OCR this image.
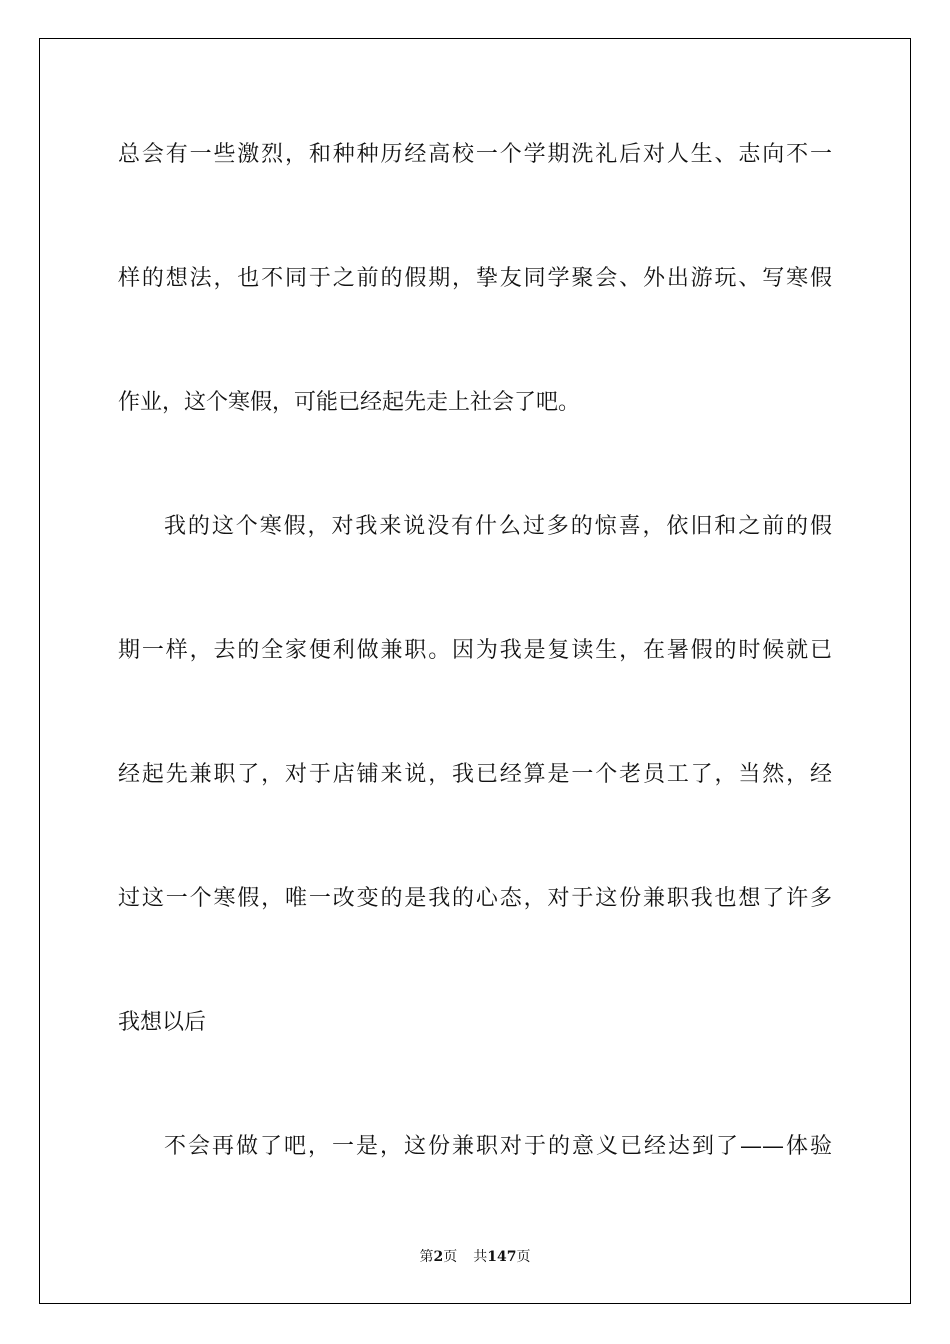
总会有一些激烈，和种种历经高校一个学期洗礼后对人生、志向不一
样的想法，也不同于之前的假期，挚友同学聚会、外出游玩、写寒假
作业，这个寒假，可能已经起先走上社会了吧。
我的这个寒假，对我来说没有什么过多的惊喜，依旧和之前的假
期一样，去的全家便利做兼职。因为我是复读生，在暑假的时候就已
经起先兼职了，对于店铺来说，我已经算是一个老员工了，当然，经
过这一个寒假，唯一改变的是我的心态，对于这份兼职我也想了许多
我想以后
不会再做了吧，一是，这份兼职对于的意义已经达到了——体验
第2页 共147页
